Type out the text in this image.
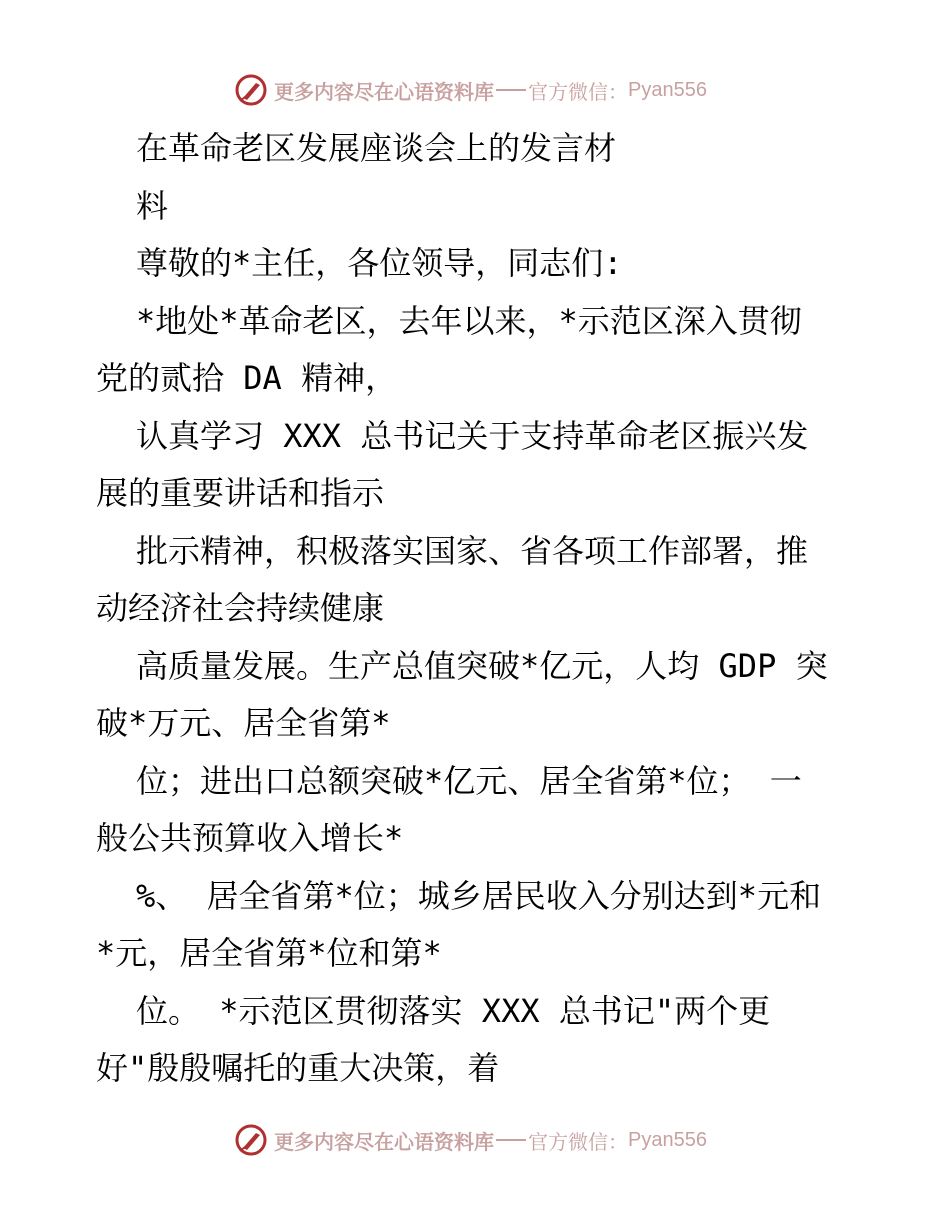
更多内容尽在心语资料库 官方微信： Pyan556
在革命老区发展座谈会上的发言材
料
尊敬的*主任，各位领导，同志们:
*地处*革命老区，去年以来，*示范区深入贯彻
党的贰拾 DA 精神，
认真学习 XXX 总书记关于支持革命老区振兴发
展的重要讲话和指示
批示精神，积极落实国家、省各项工作部署，推
动经济社会持续健康
高质量发展。生产总值突破*亿元，人均 GDP 突
破*万元、居全省第*
位；进出口总额突破*亿元、居全省第*位； 一
般公共预算收入增长*
%、 居全省第*位；城乡居民收入分别达到*元和
*元，居全省第*位和第*
位。 *示范区贯彻落实 XXX 总书记"两个更
好"殷殷嘱托的重大决策，着
更多内容尽在心语资料库 官方微信： Pyan556
